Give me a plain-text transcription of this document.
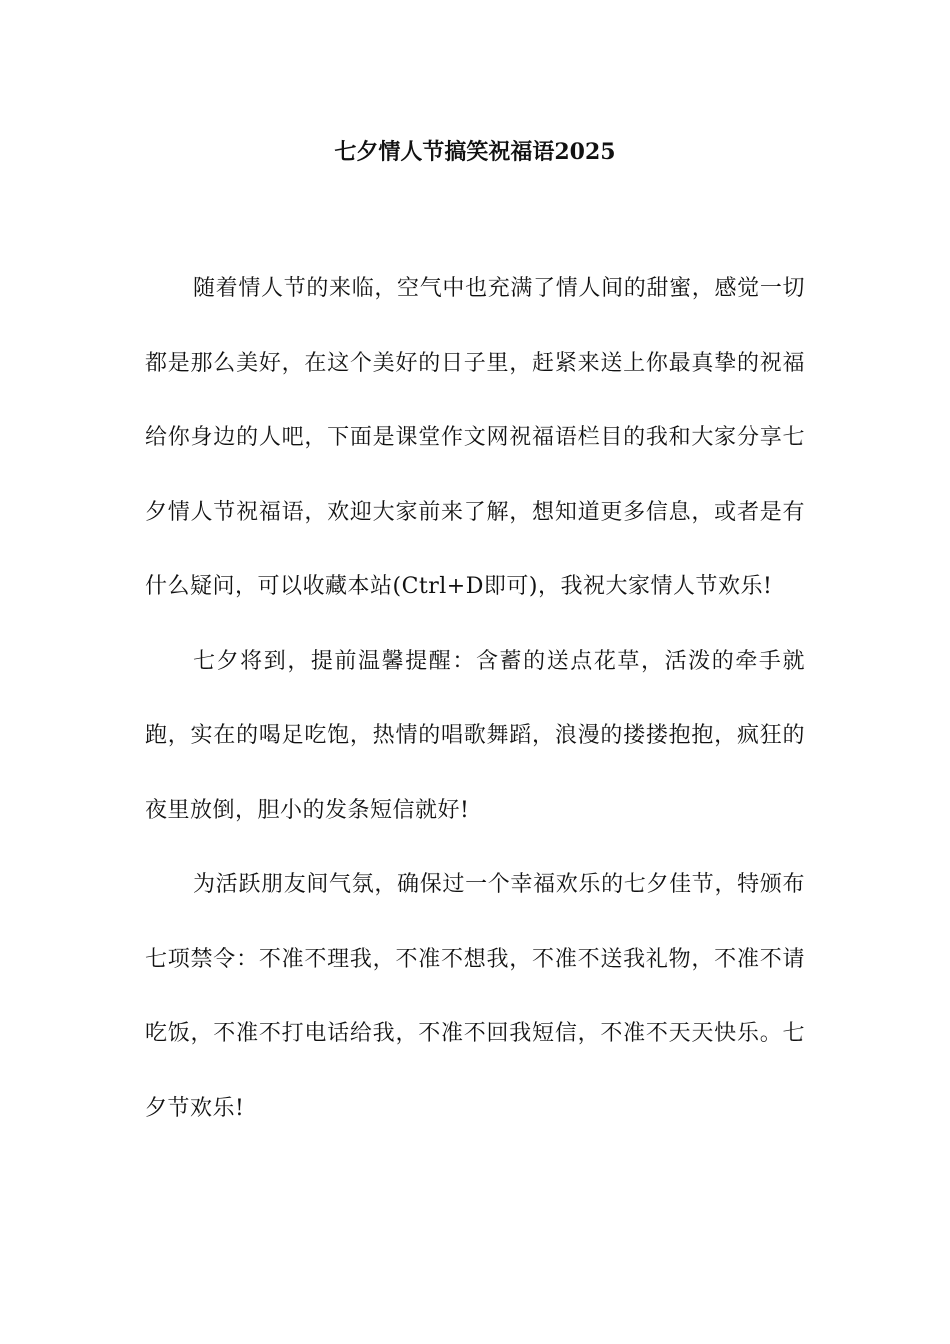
七夕情人节搞笑祝福语2025

随着情人节的来临，空气中也充满了情人间的甜蜜，感觉一切都是那么美好，在这个美好的日子里，赶紧来送上你最真挚的祝福给你身边的人吧，下面是课堂作文网祝福语栏目的我和大家分享七夕情人节祝福语，欢迎大家前来了解，想知道更多信息，或者是有什么疑问，可以收藏本站(Ctrl+D即可)，我祝大家情人节欢乐!

七夕将到，提前温馨提醒：含蓄的送点花草，活泼的牵手就跑，实在的喝足吃饱，热情的唱歌舞蹈，浪漫的搂搂抱抱，疯狂的夜里放倒，胆小的发条短信就好!

为活跃朋友间气氛，确保过一个幸福欢乐的七夕佳节，特颁布七项禁令：不准不理我，不准不想我，不准不送我礼物，不准不请吃饭，不准不打电话给我，不准不回我短信，不准不天天快乐。七夕节欢乐!
